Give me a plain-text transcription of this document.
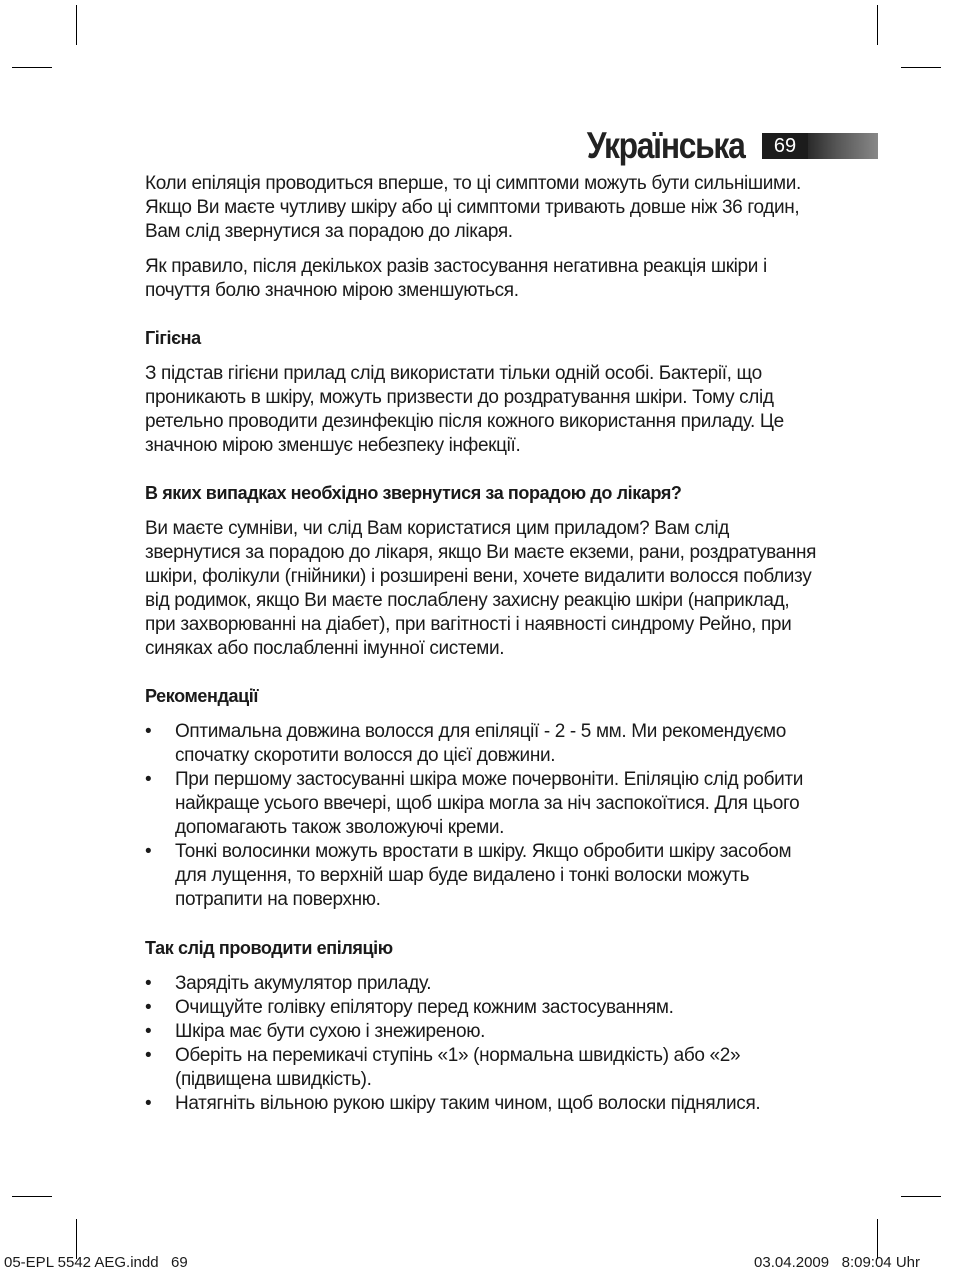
Українська	69

Коли епіляція проводиться вперше, то ці симптоми можуть бути сильнішими. Якщо Ви маєте чутливу шкіру або ці симптоми тривають довше ніж 36 годин, Вам слід звернутися за порадою до лікаря.

Як правило, після декількох разів застосування негативна реакція шкіри і почуття болю значною мірою зменшуються.

Гігієна

З підстав гігієни прилад слід використати тільки одній особі. Бактерії, що проникають в шкіру, можуть призвести до роздратування шкіри. Тому слід ретельно проводити дезинфекцію після кожного використання приладу. Це значною мірою зменшує небезпеку інфекції.

В яких випадках необхідно звернутися за порадою до лікаря?

Ви маєте сумніви, чи слід Вам користатися цим приладом? Вам слід звернутися за порадою до лікаря, якщо Ви маєте екземи, рани, роздратування шкіри, фолікули (гнійники) і розширені вени, хочете видалити волосся поблизу від родимок, якщо Ви маєте послаблену захисну реакцію шкіри (наприклад, при захворюванні на діабет), при вагітності і наявності синдрому Рейно, при синяках або послабленні імунної системи.

Рекомендації

• Оптимальна довжина волосся для епіляції - 2 - 5 мм. Ми рекомендуємо спочатку скоротити волосся до цієї довжини.
• При першому застосуванні шкіра може почервоніти. Епіляцію слід робити найкраще усього ввечері, щоб шкіра могла за ніч заспокоїтися. Для цього допомагають також зволожуючі креми.
• Тонкі волосинки можуть вростати в шкіру. Якщо обробити шкіру засобом для лущення, то верхній шар буде видалено і тонкі волоски можуть потрапити на поверхню.

Так слід проводити епіляцію

• Зарядіть акумулятор приладу.
• Очищуйте голівку епілятору перед кожним застосуванням.
• Шкіра має бути сухою і знежиреною.
• Оберіть на перемикачі ступінь «1» (нормальна швидкість) або «2» (підвищена швидкість).
• Натягніть вільною рукою шкіру таким чином, щоб волоски піднялися.
05-EPL 5542 AEG.indd   69	03.04.2009   8:09:04 Uhr
